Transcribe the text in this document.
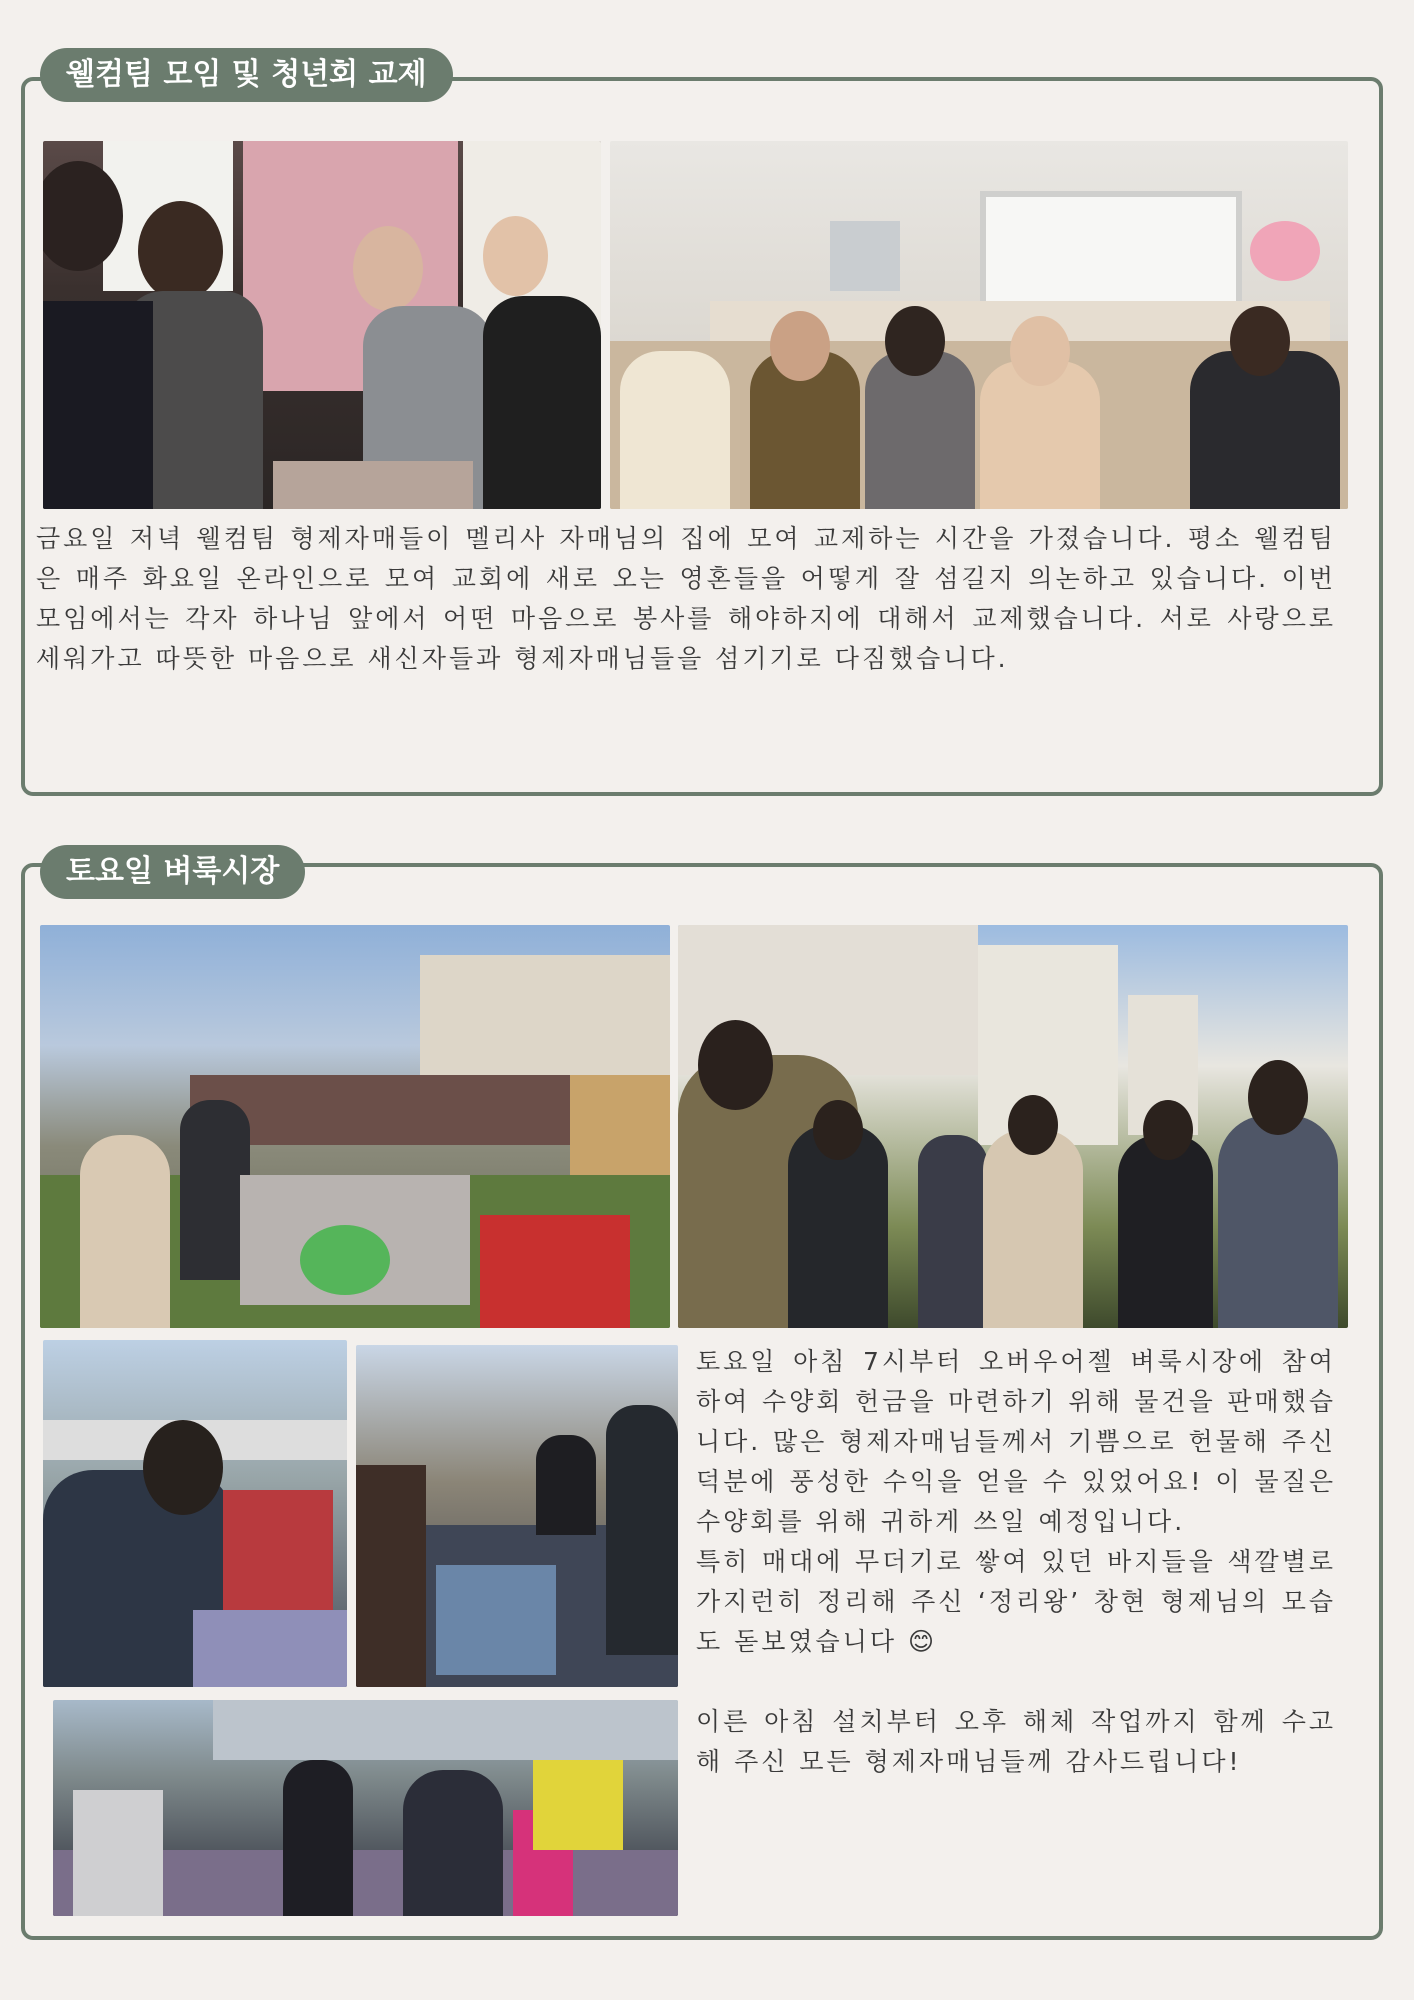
웰컴팀 모임 및 청년회 교제
금요일 저녁 웰컴팀 형제자매들이 멜리사 자매님의 집에 모여 교제하는 시간을 가졌습니다. 평소 웰컴팀은 매주 화요일 온라인으로 모여 교회에 새로 오는 영혼들을 어떻게 잘 섬길지 의논하고 있습니다. 이번 모임에서는 각자 하나님 앞에서 어떤 마음으로 봉사를 해야하지에 대해서 교제했습니다. 서로 사랑으로 세워가고 따뜻한 마음으로 새신자들과 형제자매님들을 섬기기로 다짐했습니다.
토요일 벼룩시장

토요일 아침 7시부터 오버우어젤 벼룩시장에 참여하여 수양회 헌금을 마련하기 위해 물건을 판매했습니다. 많은 형제자매님들께서 기쁨으로 헌물해 주신 덕분에 풍성한 수익을 얻을 수 있었어요! 이 물질은 수양회를 위해 귀하게 쓰일 예정입니다.

특히 매대에 무더기로 쌓여 있던 바지들을 색깔별로 가지런히 정리해 주신 ‘정리왕’ 창현 형제님의 모습도 돋보였습니다 😊

이른 아침 설치부터 오후 해체 작업까지 함께 수고해 주신 모든 형제자매님들께 감사드립니다!
